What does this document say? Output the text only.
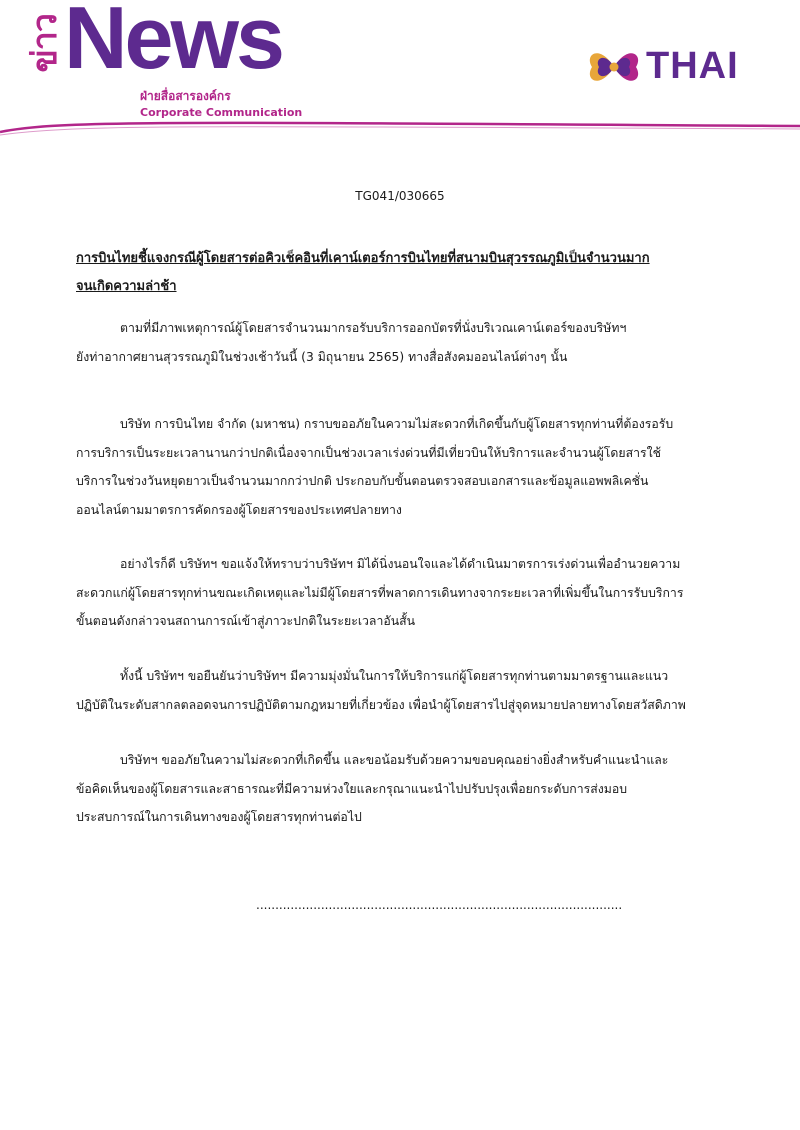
ข่าว News
ฝ่ายสื่อสารองค์กร
Corporate Communication
THAI
TG041/030665
การบินไทยชี้แจงกรณีผู้โดยสารต่อคิวเช็คอินที่เคาน์เตอร์การบินไทยที่สนามบินสุวรรณภูมิเป็นจำนวนมาก
จนเกิดความล่าช้า

ตามที่มีภาพเหตุการณ์ผู้โดยสารจำนวนมากรอรับบริการออกบัตรที่นั่งบริเวณเคาน์เตอร์ของบริษัทฯ

ยังท่าอากาศยานสุวรรณภูมิในช่วงเช้าวันนี้ (3 มิถุนายน 2565) ทางสื่อสังคมออนไลน์ต่างๆ นั้น

บริษัท การบินไทย จำกัด (มหาชน) กราบขออภัยในความไม่สะดวกที่เกิดขึ้นกับผู้โดยสารทุกท่านที่ต้องรอรับ

การบริการเป็นระยะเวลานานกว่าปกติเนื่องจากเป็นช่วงเวลาเร่งด่วนที่มีเที่ยวบินให้บริการและจำนวนผู้โดยสารใช้

บริการในช่วงวันหยุดยาวเป็นจำนวนมากกว่าปกติ ประกอบกับขั้นตอนตรวจสอบเอกสารและข้อมูลแอพพลิเคชั่น

ออนไลน์ตามมาตรการคัดกรองผู้โดยสารของประเทศปลายทาง

อย่างไรก็ดี บริษัทฯ ขอแจ้งให้ทราบว่าบริษัทฯ มิได้นิ่งนอนใจและได้ดำเนินมาตรการเร่งด่วนเพื่ออำนวยความ

สะดวกแก่ผู้โดยสารทุกท่านขณะเกิดเหตุและไม่มีผู้โดยสารที่พลาดการเดินทางจากระยะเวลาที่เพิ่มขึ้นในการรับบริการ

ขั้นตอนดังกล่าวจนสถานการณ์เข้าสู่ภาวะปกติในระยะเวลาอันสั้น

ทั้งนี้ บริษัทฯ ขอยืนยันว่าบริษัทฯ มีความมุ่งมั่นในการให้บริการแก่ผู้โดยสารทุกท่านตามมาตรฐานและแนว

ปฏิบัติในระดับสากลตลอดจนการปฏิบัติตามกฎหมายที่เกี่ยวข้อง เพื่อนำผู้โดยสารไปสู่จุดหมายปลายทางโดยสวัสดิภาพ

บริษัทฯ ขออภัยในความไม่สะดวกที่เกิดขึ้น และขอน้อมรับด้วยความขอบคุณอย่างยิ่งสำหรับคำแนะนำและ

ข้อคิดเห็นของผู้โดยสารและสาธารณะที่มีความห่วงใยและกรุณาแนะนำไปปรับปรุงเพื่อยกระดับการส่งมอบ

ประสบการณ์ในการเดินทางของผู้โดยสารทุกท่านต่อไป

................................................................................................
